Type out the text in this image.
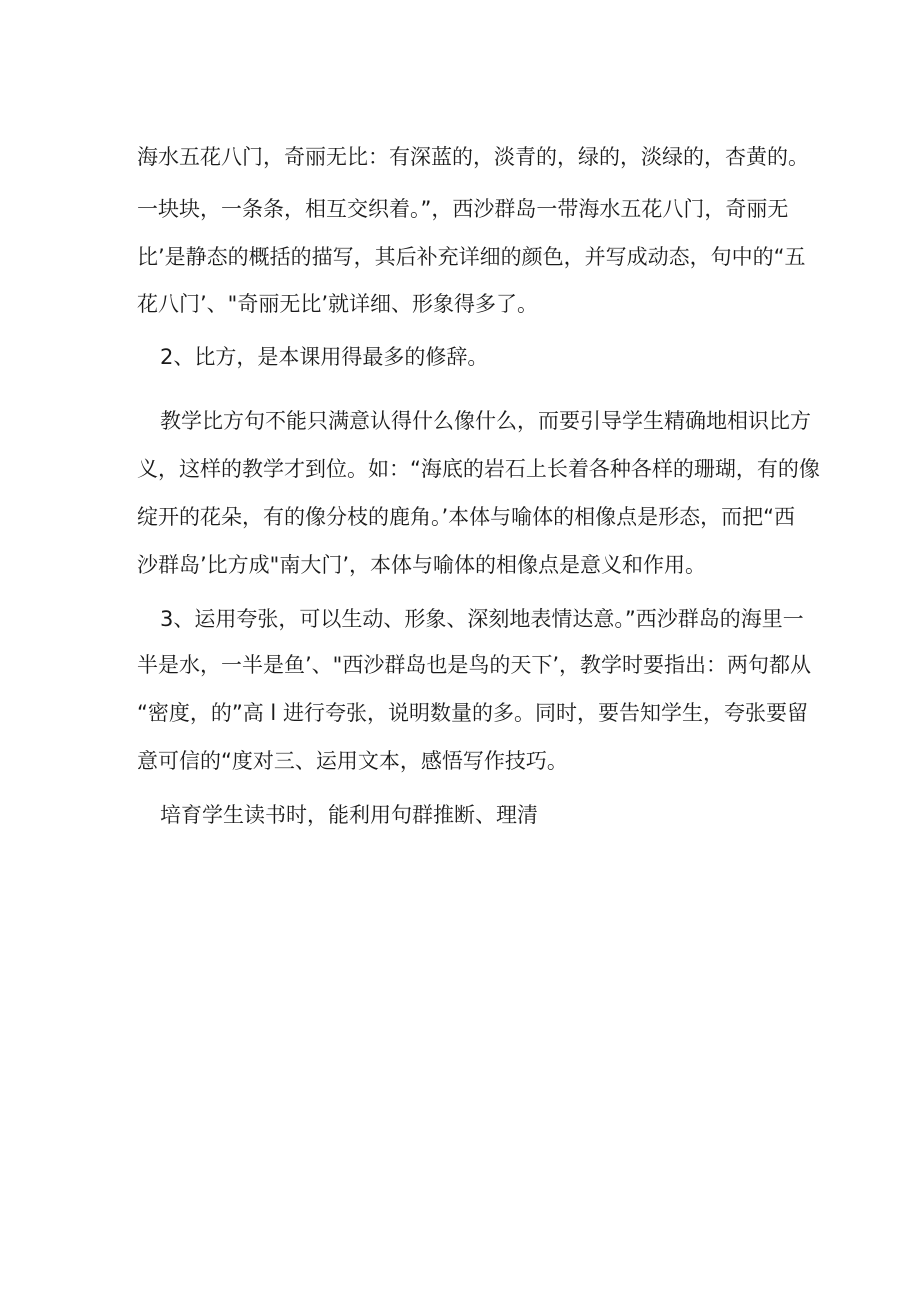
海水五花八门，奇丽无比：有深蓝的，淡青的，绿的，淡绿的，杏黄的。
一块块，一条条，相互交织着。”，西沙群岛一带海水五花八门，奇丽无
比’是静态的概括的描写，其后补充详细的颜色，并写成动态，句中的“五
花八门’、"奇丽无比’就详细、形象得多了。
2、比方，是本课用得最多的修辞。
教学比方句不能只满意认得什么像什么，而要引导学生精确地相识比方
义，这样的教学才到位。如：“海底的岩石上长着各种各样的珊瑚，有的像
绽开的花朵，有的像分枝的鹿角。’本体与喻体的相像点是形态，而把“西
沙群岛’比方成"南大门’，本体与喻体的相像点是意义和作用。
3、运用夸张，可以生动、形象、深刻地表情达意。”西沙群岛的海里一
半是水，一半是鱼’、"西沙群岛也是鸟的天下’，教学时要指出：两句都从
“密度，的”高 l 进行夸张，说明数量的多。同时，要告知学生，夸张要留
意可信的“度对三、运用文本，感悟写作技巧。
培育学生读书时，能利用句群推断、理清
